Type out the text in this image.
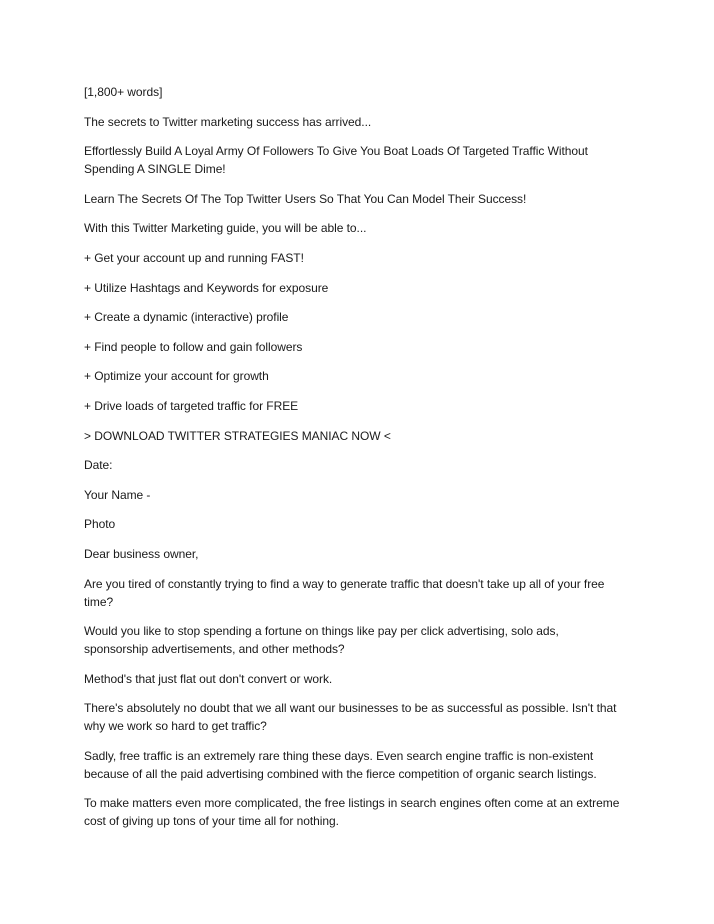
[1,800+ words]

The secrets to Twitter marketing success has arrived...

Effortlessly Build A Loyal Army Of Followers To Give You Boat Loads Of Targeted Traffic Without Spending A SINGLE Dime!

Learn The Secrets Of The Top Twitter Users So That You Can Model Their Success!

With this Twitter Marketing guide, you will be able to...

+ Get your account up and running FAST!

+ Utilize Hashtags and Keywords for exposure

+ Create a dynamic (interactive) profile

+ Find people to follow and gain followers

+ Optimize your account for growth

+ Drive loads of targeted traffic for FREE

> DOWNLOAD TWITTER STRATEGIES MANIAC NOW <

Date:

Your Name -

Photo

Dear business owner,

Are you tired of constantly trying to find a way to generate traffic that doesn't take up all of your free time?

Would you like to stop spending a fortune on things like pay per click advertising, solo ads, sponsorship advertisements, and other methods?

Method's that just flat out don't convert or work.

There's absolutely no doubt that we all want our businesses to be as successful as possible. Isn't that why we work so hard to get traffic?

Sadly, free traffic is an extremely rare thing these days. Even search engine traffic is non-existent because of all the paid advertising combined with the fierce competition of organic search listings.

To make matters even more complicated, the free listings in search engines often come at an extreme cost of giving up tons of your time all for nothing.
